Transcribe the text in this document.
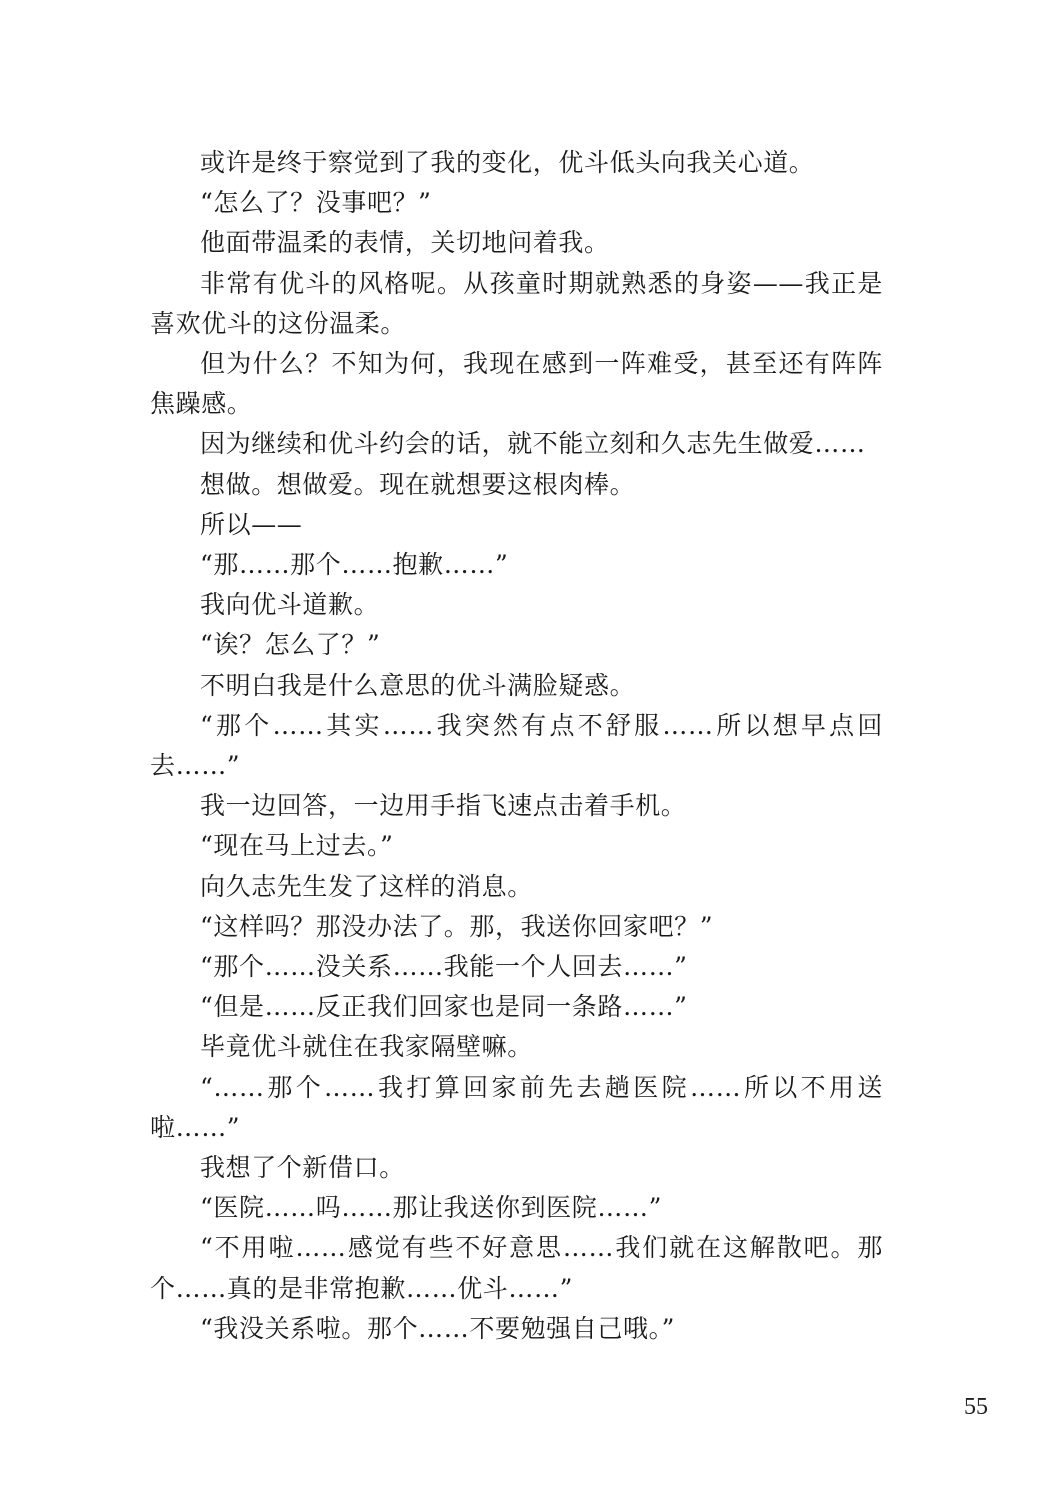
或许是终于察觉到了我的变化，优斗低头向我关心道。

“怎么了？没事吧？”

他面带温柔的表情，关切地问着我。

非常有优斗的风格呢。从孩童时期就熟悉的身姿——我正是喜欢优斗的这份温柔。

但为什么？不知为何，我现在感到一阵难受，甚至还有阵阵焦躁感。

因为继续和优斗约会的话，就不能立刻和久志先生做爱……

想做。想做爱。现在就想要这根肉棒。

所以——

“那……那个……抱歉……”

我向优斗道歉。

“诶？怎么了？”

不明白我是什么意思的优斗满脸疑惑。

“那个……其实……我突然有点不舒服……所以想早点回去……”

我一边回答，一边用手指飞速点击着手机。

“现在马上过去。”

向久志先生发了这样的消息。

“这样吗？那没办法了。那，我送你回家吧？”

“那个……没关系……我能一个人回去……”

“但是……反正我们回家也是同一条路……”

毕竟优斗就住在我家隔壁嘛。

“……那个……我打算回家前先去趟医院……所以不用送啦……”

我想了个新借口。

“医院……吗……那让我送你到医院……”

“不用啦……感觉有些不好意思……我们就在这解散吧。那个……真的是非常抱歉……优斗……”

“我没关系啦。那个……不要勉强自己哦。”

55
